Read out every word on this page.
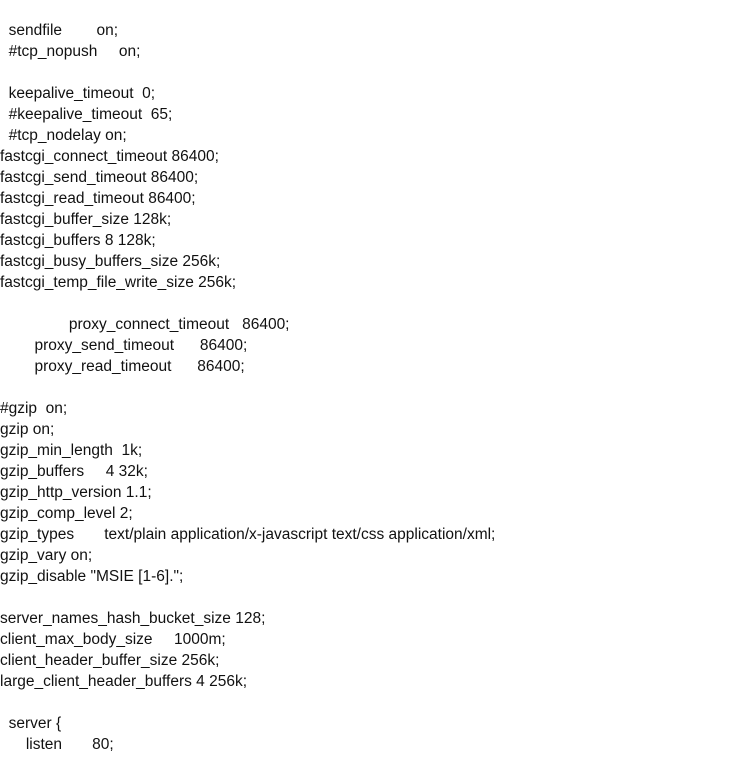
sendfile        on;
#tcp_nopush     on;
keepalive_timeout  0;
#keepalive_timeout  65;
#tcp_nodelay on;
fastcgi_connect_timeout 86400;
fastcgi_send_timeout 86400;
fastcgi_read_timeout 86400;
fastcgi_buffer_size 128k;
fastcgi_buffers 8 128k;
fastcgi_busy_buffers_size 256k;
fastcgi_temp_file_write_size 256k;
proxy_connect_timeout   86400;
proxy_send_timeout      86400;
proxy_read_timeout      86400;
#gzip  on;
gzip on;
gzip_min_length  1k;
gzip_buffers     4 32k;
gzip_http_version 1.1;
gzip_comp_level 2;
gzip_types       text/plain application/x-javascript text/css application/xml;
gzip_vary on;
gzip_disable "MSIE [1-6].";
server_names_hash_bucket_size 128;
client_max_body_size     1000m;
client_header_buffer_size 256k;
large_client_header_buffers 4 256k;
server {
listen       80;
